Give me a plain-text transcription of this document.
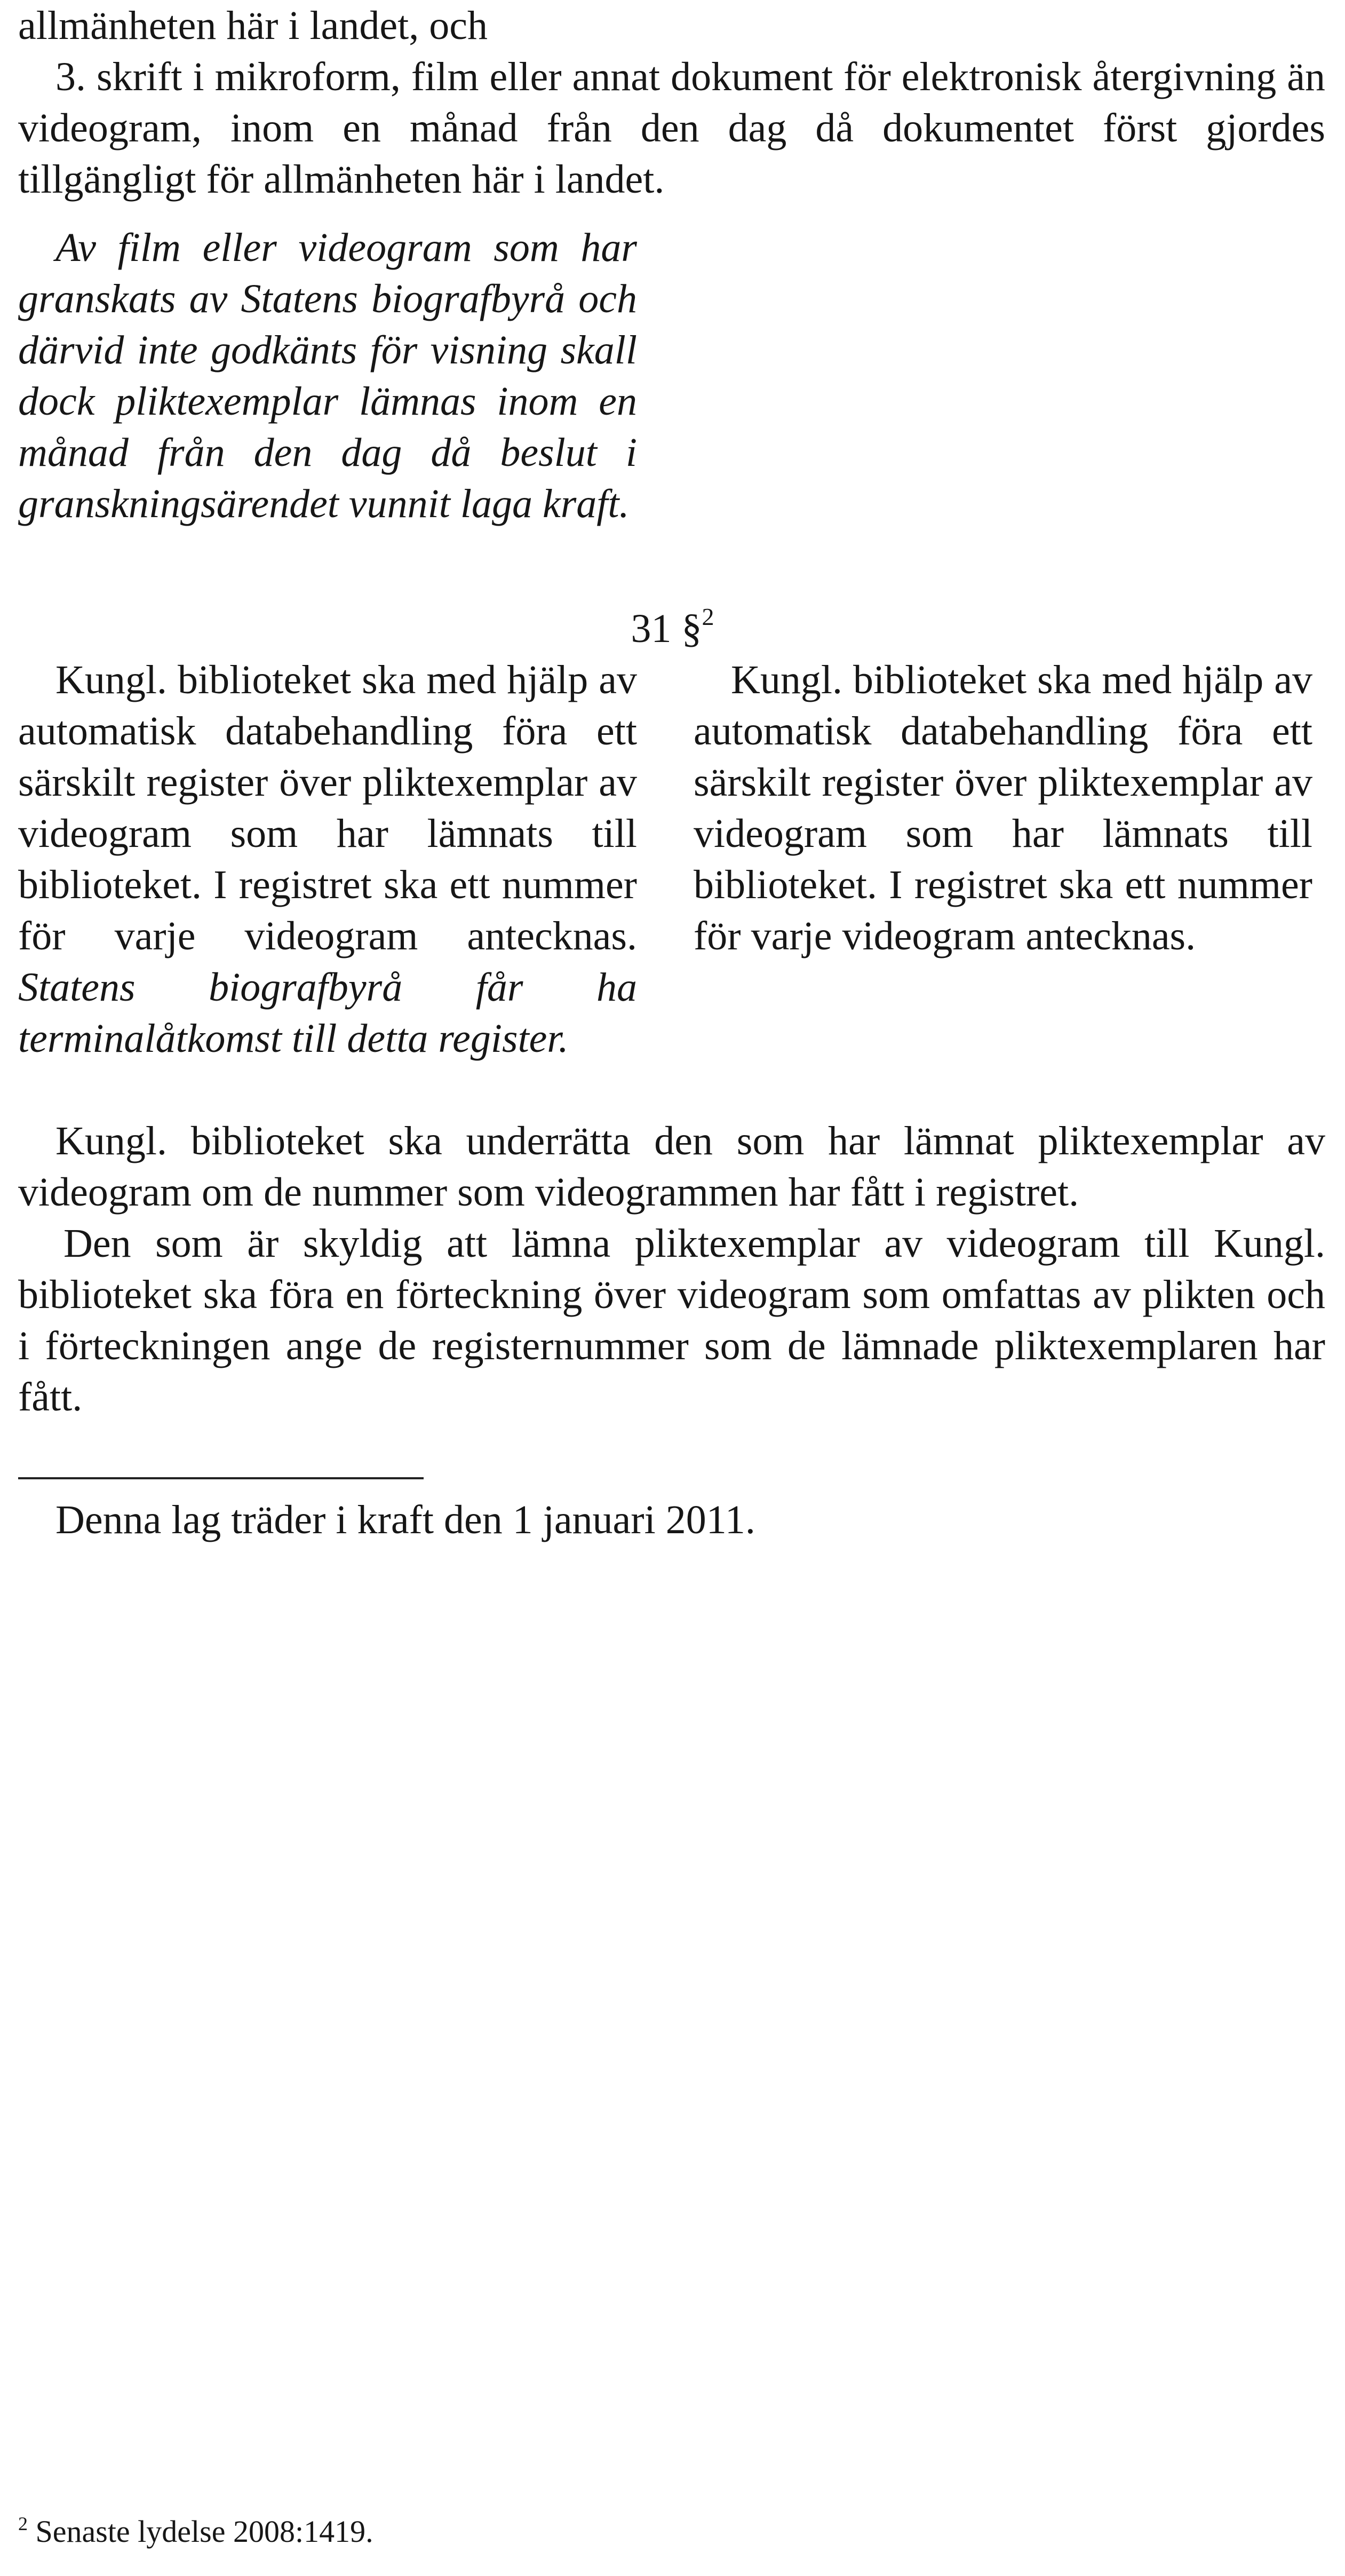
allmänheten här i landet, och

3. skrift i mikroform, film eller annat dokument för elektronisk återgivning än videogram, inom en månad från den dag då dokumentet först gjordes tillgängligt för allmänheten här i landet.

Av film eller videogram som har granskats av Statens biografbyrå och därvid inte godkänts för visning skall dock pliktexemplar lämnas inom en månad från den dag då beslut i granskningsärendet vunnit laga kraft.

31 §$^2$

Kungl. biblioteket ska med hjälp av automatisk databehandling föra ett särskilt register över pliktexemplar av videogram som har lämnats till biblioteket. I registret ska ett nummer för varje videogram antecknas. Statens biografbyrå får ha terminalåtkomst till detta register.

Kungl. biblioteket ska med hjälp av automatisk databehandling föra ett särskilt register över pliktexemplar av videogram som har lämnats till biblioteket. I registret ska ett nummer för varje videogram antecknas.

Kungl. biblioteket ska underrätta den som har lämnat pliktexemplar av videogram om de nummer som videogrammen har fått i registret.

Den som är skyldig att lämna pliktexemplar av videogram till Kungl. biblioteket ska föra en förteckning över videogram som omfattas av plikten och i förteckningen ange de registernummer som de lämnade pliktexemplaren har fått.

Denna lag träder i kraft den 1 januari 2011.

$^2$ Senaste lydelse 2008:1419.
